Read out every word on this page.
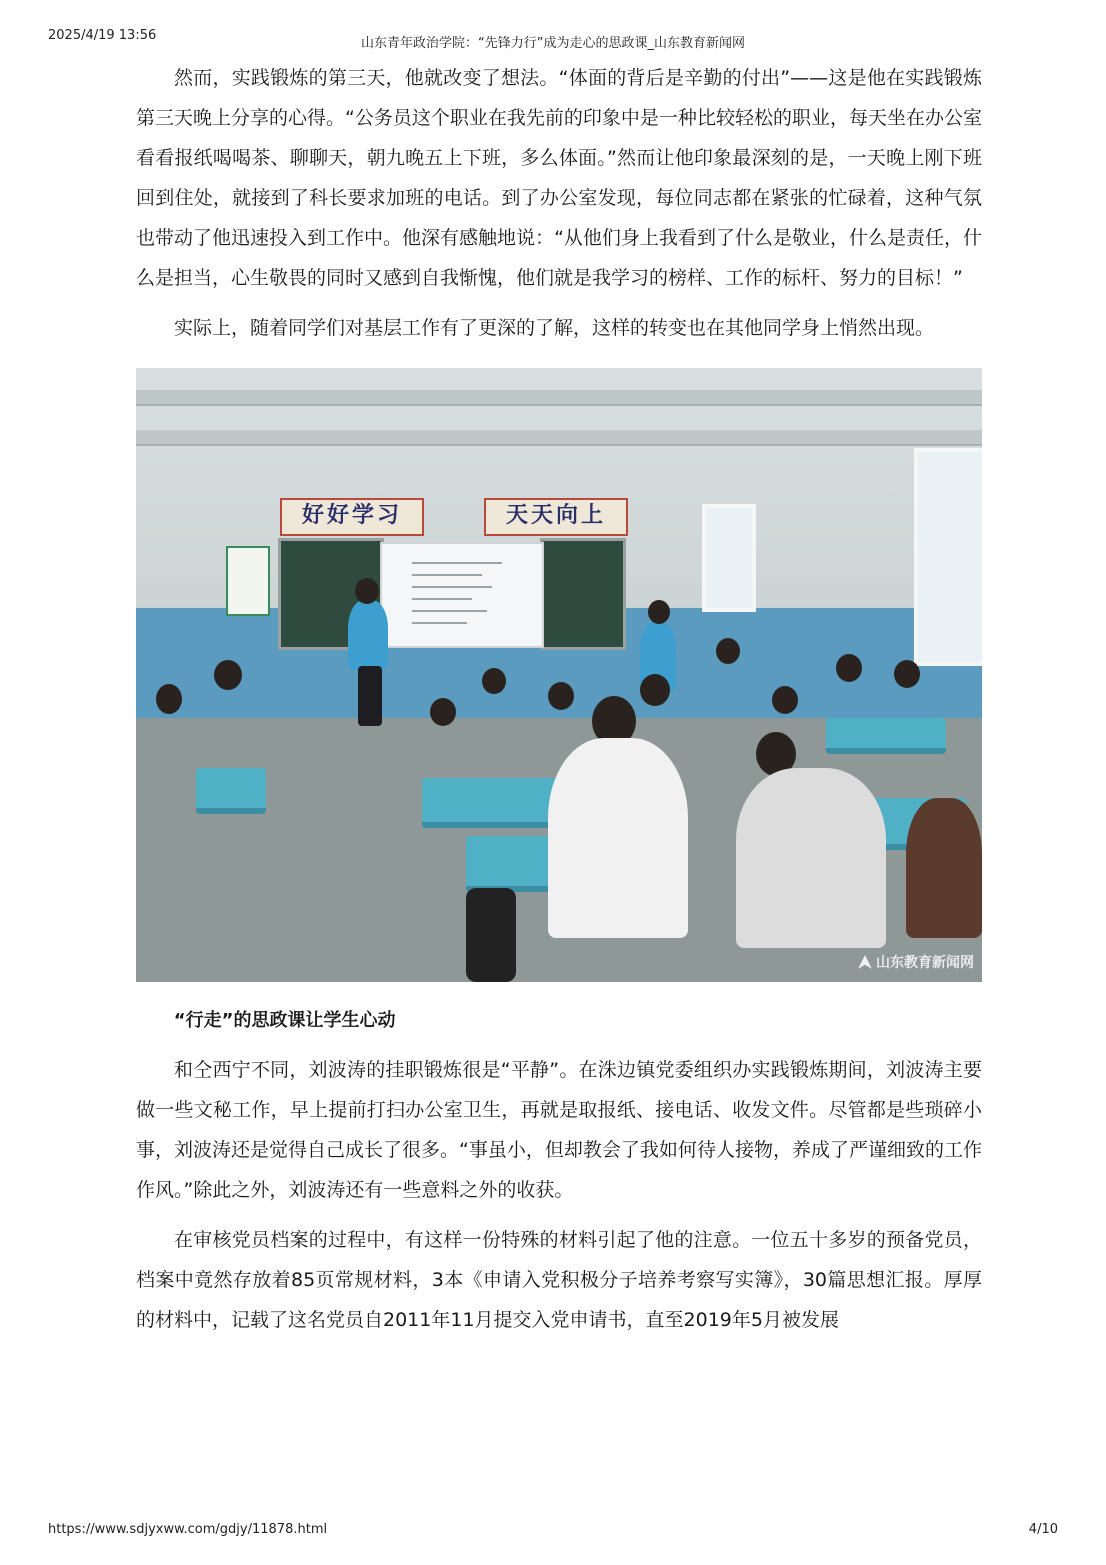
2025/4/19 13:56
山东青年政治学院：“先锋力行”成为走心的思政课_山东教育新闻网

然而，实践锻炼的第三天，他就改变了想法。“体面的背后是辛勤的付出”——这是他在实践锻炼第三天晚上分享的心得。“公务员这个职业在我先前的印象中是一种比较轻松的职业，每天坐在办公室看看报纸喝喝茶、聊聊天，朝九晚五上下班，多么体面。”然而让他印象最深刻的是，一天晚上刚下班回到住处，就接到了科长要求加班的电话。到了办公室发现，每位同志都在紧张的忙碌着，这种气氛也带动了他迅速投入到工作中。他深有感触地说：“从他们身上我看到了什么是敬业，什么是责任，什么是担当，心生敬畏的同时又感到自我惭愧，他们就是我学习的榜样、工作的标杆、努力的目标！”

实际上，随着同学们对基层工作有了更深的了解，这样的转变也在其他同学身上悄然出现。

好好学习	天天向上
山东教育新闻网
“行走”的思政课让学生心动

和仝西宁不同，刘波涛的挂职锻炼很是“平静”。在洙边镇党委组织办实践锻炼期间，刘波涛主要做一些文秘工作，早上提前打扫办公室卫生，再就是取报纸、接电话、收发文件。尽管都是些琐碎小事，刘波涛还是觉得自己成长了很多。“事虽小，但却教会了我如何待人接物，养成了严谨细致的工作作风。”除此之外，刘波涛还有一些意料之外的收获。

在审核党员档案的过程中，有这样一份特殊的材料引起了他的注意。一位五十多岁的预备党员，档案中竟然存放着85页常规材料，3本《申请入党积极分子培养考察写实簿》，30篇思想汇报。厚厚的材料中，记载了这名党员自2011年11月提交入党申请书，直至2019年5月被发展

https://www.sdjyxww.com/gdjy/11878.html	4/10
